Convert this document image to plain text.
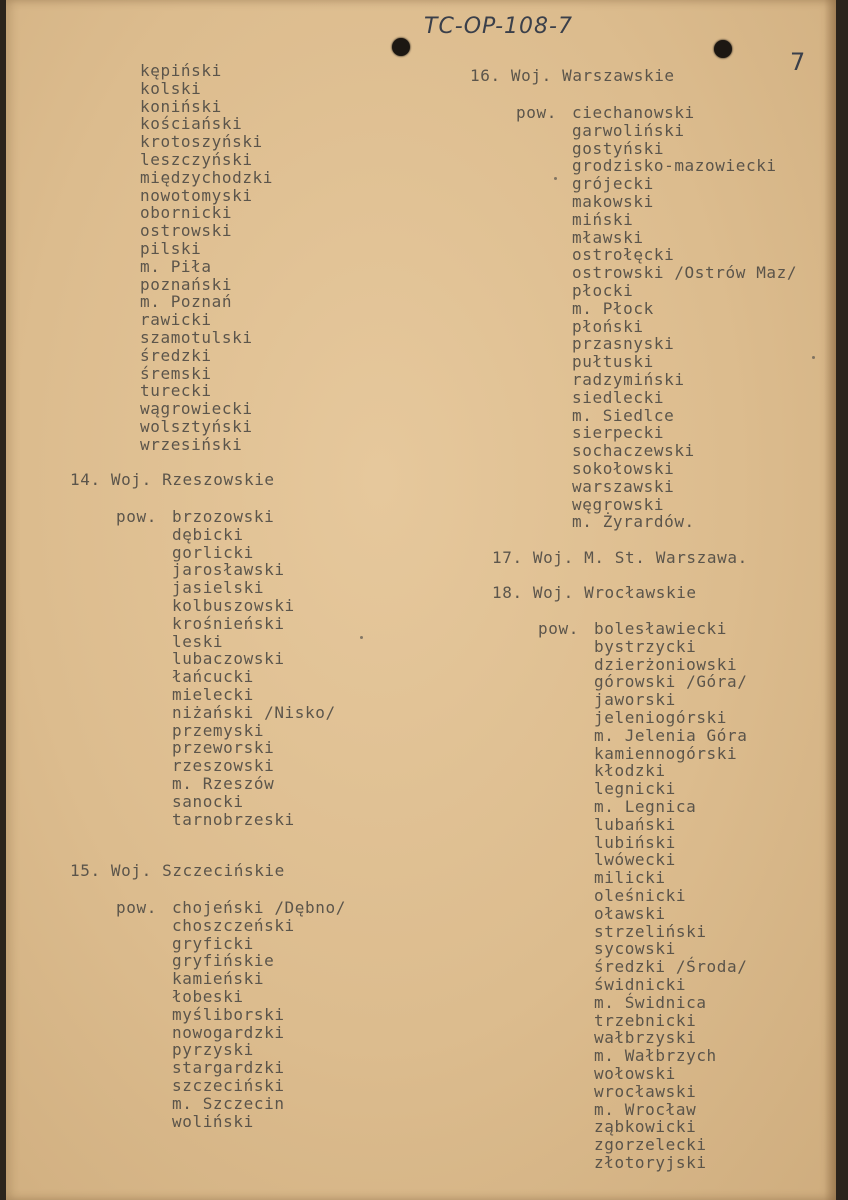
TC-OP-108-7
7
kępiński
kolski
koniński
kościański
krotoszyński
leszczyński
międzychodzki
nowotomyski
obornicki
ostrowski
pilski
m. Piła
poznański
m. Poznań
rawicki
szamotulski
średzki
śremski
turecki
wągrowiecki
wolsztyński
wrzesiński
14. Woj. Rzeszowskie
pow. brzozowski
dębicki
gorlicki
jarosławski
jasielski
kolbuszowski
krośnieński
leski
lubaczowski
łańcucki
mielecki
niżański /Nisko/
przemyski
przeworski
rzeszowski
m. Rzeszów
sanocki
tarnobrzeski
15. Woj. Szczecińskie
pow. chojeński /Dębno/
choszczeński
gryficki
gryfińskie
kamieński
łobeski
myśliborski
nowogardzki
pyrzyski
stargardzki
szczeciński
m. Szczecin
woliński
16. Woj. Warszawskie
pow. ciechanowski
garwoliński
gostyński
grodzisko-mazowiecki
grójecki
makowski
miński
mławski
ostrołęcki
ostrowski /Ostrów Maz/
płocki
m. Płock
płoński
przasnyski
pułtuski
radzymiński
siedlecki
m. Siedlce
sierpecki
sochaczewski
sokołowski
warszawski
węgrowski
m. Żyrardów.
17. Woj. M. St. Warszawa.
18. Woj. Wrocławskie
pow. bolesławiecki
bystrzycki
dzierżoniowski
górowski /Góra/
jaworski
jeleniogórski
m. Jelenia Góra
kamiennogórski
kłodzki
legnicki
m. Legnica
lubański
lubiński
lwówecki
milicki
oleśnicki
oławski
strzeliński
sycowski
średzki /Środa/
świdnicki
m. Świdnica
trzebnicki
wałbrzyski
m. Wałbrzych
wołowski
wrocławski
m. Wrocław
ząbkowicki
zgorzelecki
złotoryjski
